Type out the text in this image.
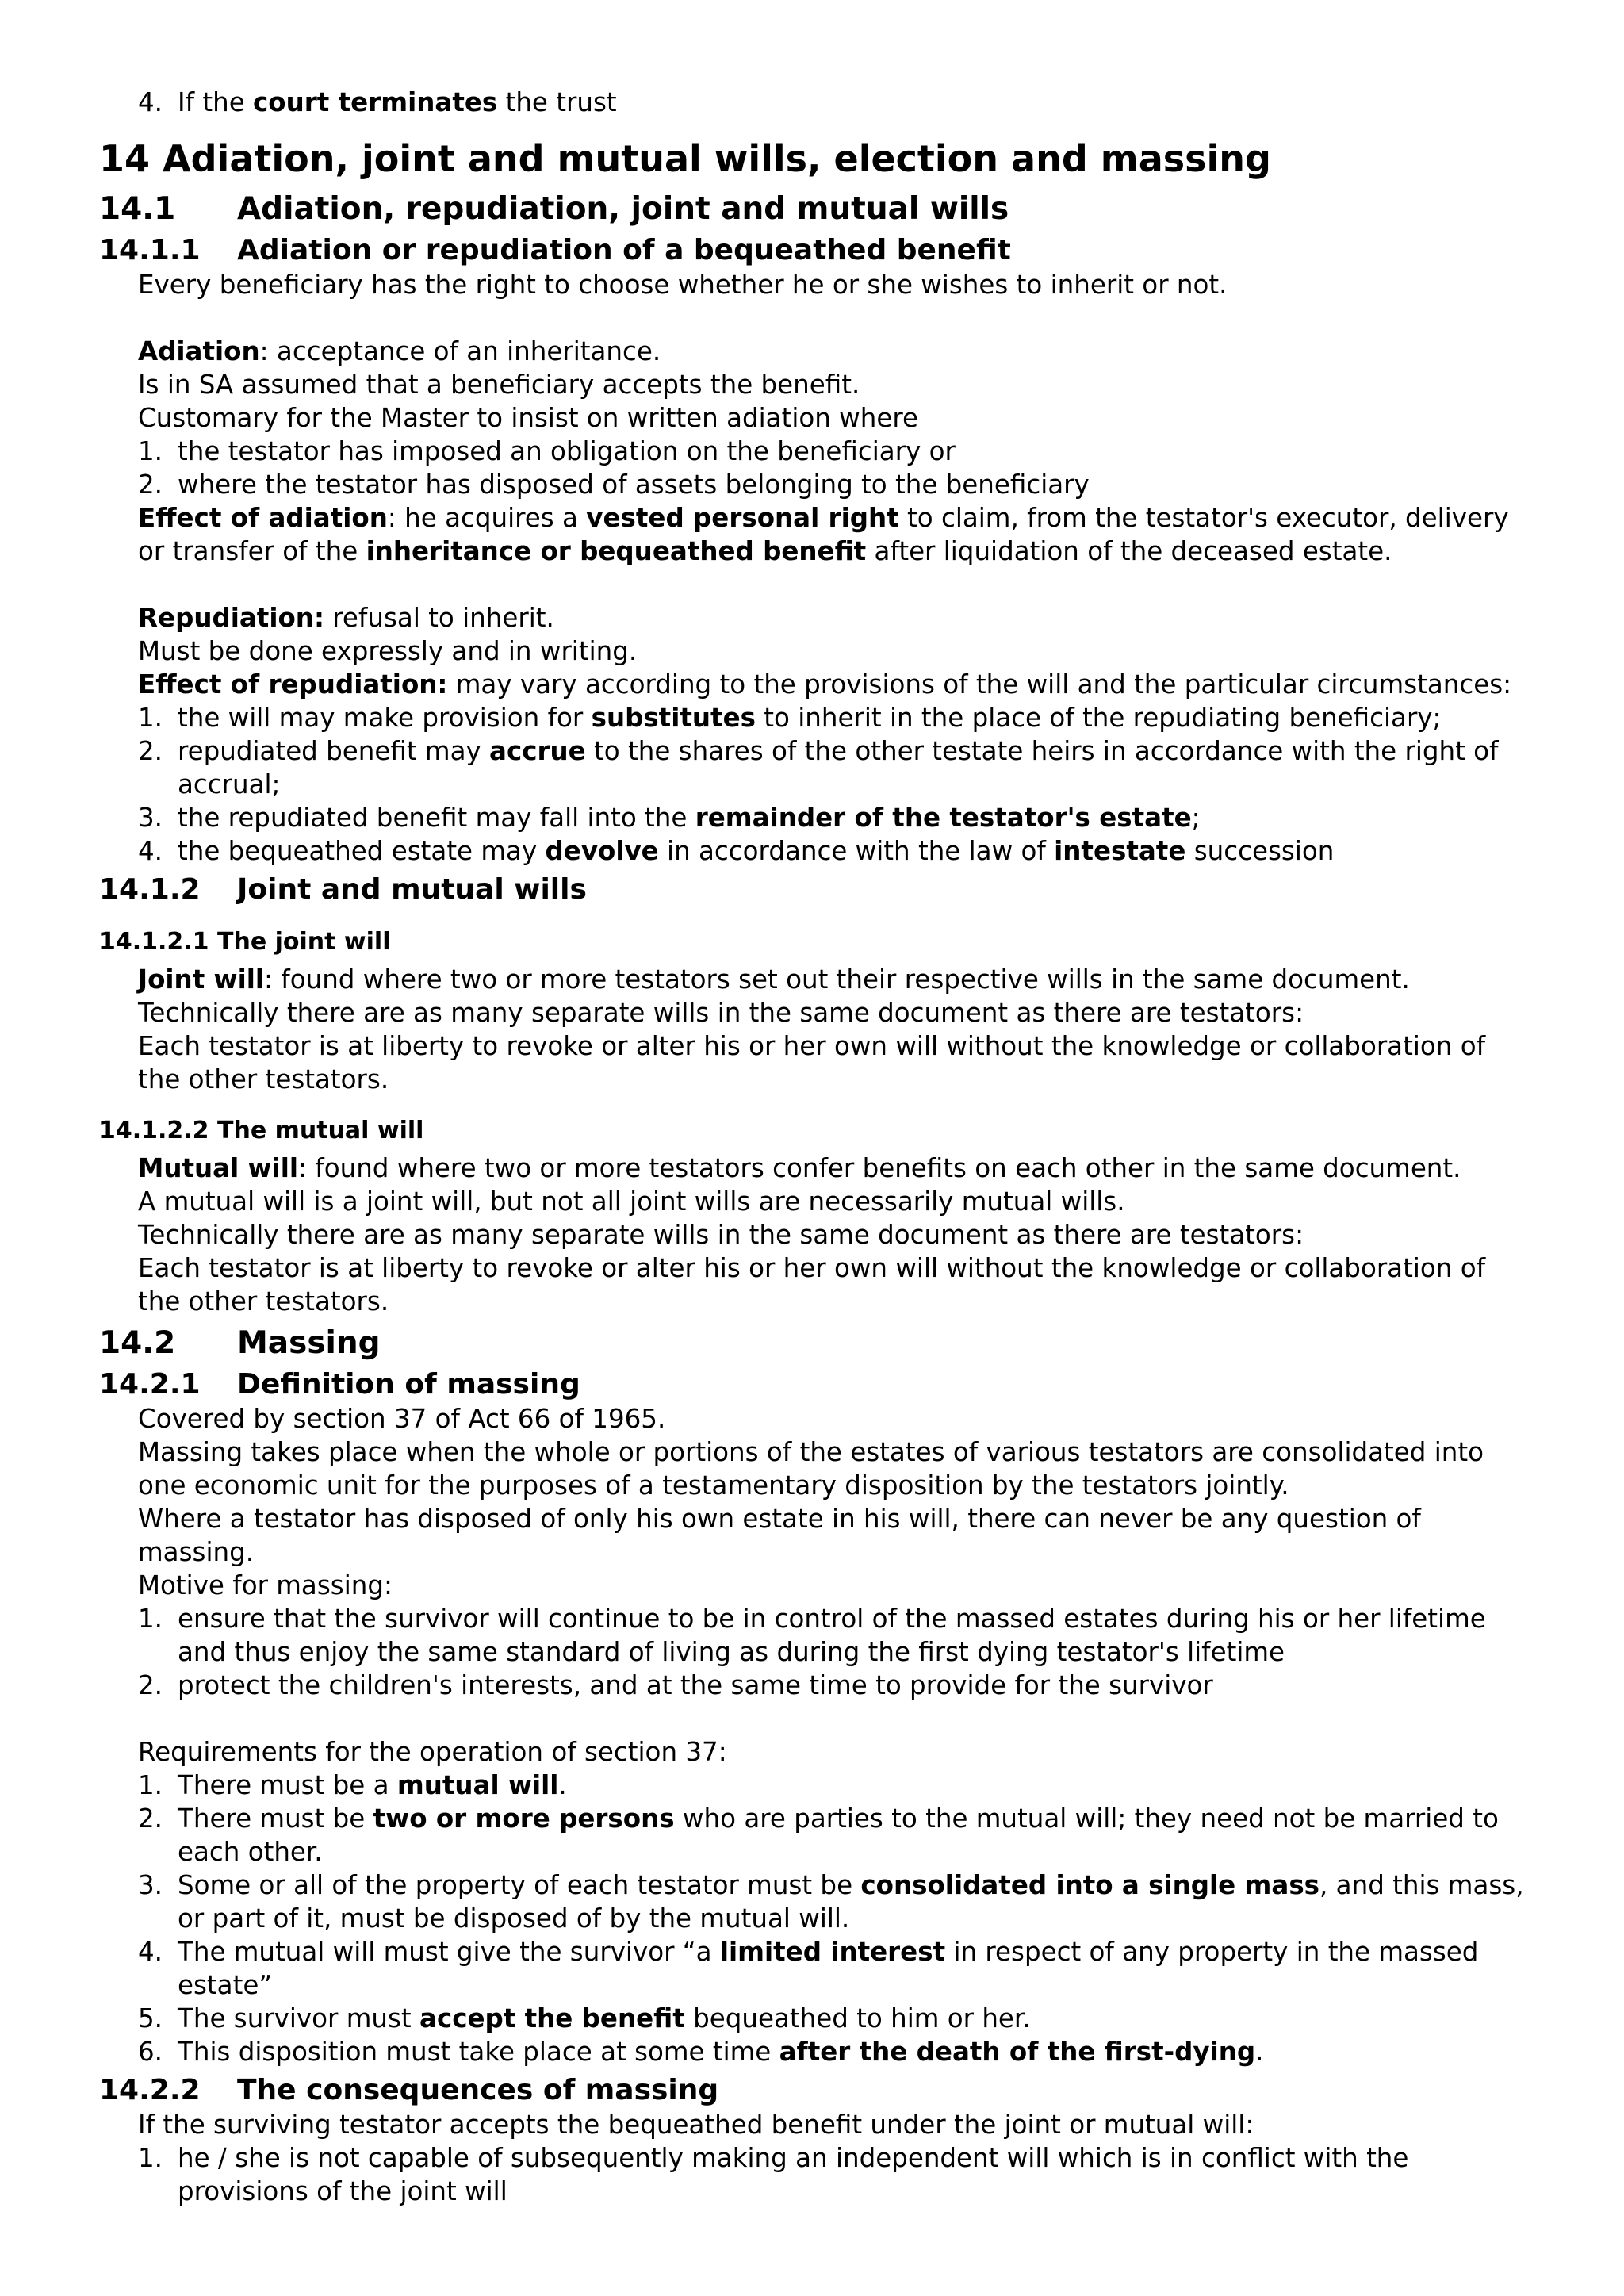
4. If the court terminates the trust
14 Adiation, joint and mutual wills, election and massing
14.1	Adiation, repudiation, joint and mutual wills
14.1.1	Adiation or repudiation of a bequeathed benefit

Every beneficiary has the right to choose whether he or she wishes to inherit or not.

Adiation: acceptance of an inheritance.

Is in SA assumed that a beneficiary accepts the benefit.

Customary for the Master to insist on written adiation where

1. the testator has imposed an obligation on the beneficiary or
2. where the testator has disposed of assets belonging to the beneficiary

Effect of adiation: he acquires a vested personal right to claim, from the testator's executor, delivery or transfer of the inheritance or bequeathed benefit after liquidation of the deceased estate.

Repudiation: refusal to inherit.

Must be done expressly and in writing.

Effect of repudiation: may vary according to the provisions of the will and the particular circumstances:

1. the will may make provision for substitutes to inherit in the place of the repudiating beneficiary;
2. repudiated benefit may accrue to the shares of the other testate heirs in accordance with the right of accrual;
3. the repudiated benefit may fall into the remainder of the testator's estate;
4. the bequeathed estate may devolve in accordance with the law of intestate succession
14.1.2	Joint and mutual wills
14.1.2.1 The joint will

Joint will: found where two or more testators set out their respective wills in the same document.

Technically there are as many separate wills in the same document as there are testators:

Each testator is at liberty to revoke or alter his or her own will without the knowledge or collaboration of the other testators.

14.1.2.2 The mutual will

Mutual will: found where two or more testators confer benefits on each other in the same document.

A mutual will is a joint will, but not all joint wills are necessarily mutual wills.

Technically there are as many separate wills in the same document as there are testators:

Each testator is at liberty to revoke or alter his or her own will without the knowledge or collaboration of the other testators.

14.2	Massing
14.2.1	Definition of massing

Covered by section 37 of Act 66 of 1965.

Massing takes place when the whole or portions of the estates of various testators are consolidated into one economic unit for the purposes of a testamentary disposition by the testators jointly.

Where a testator has disposed of only his own estate in his will, there can never be any question of massing.

Motive for massing:

1. ensure that the survivor will continue to be in control of the massed estates during his or her lifetime and thus enjoy the same standard of living as during the first dying testator's lifetime
2. protect the children's interests, and at the same time to provide for the survivor

Requirements for the operation of section 37:

1. There must be a mutual will.
2. There must be two or more persons who are parties to the mutual will; they need not be married to each other.
3. Some or all of the property of each testator must be consolidated into a single mass, and this mass, or part of it, must be disposed of by the mutual will.
4. The mutual will must give the survivor “a limited interest in respect of any property in the massed estate”
5. The survivor must accept the benefit bequeathed to him or her.
6. This disposition must take place at some time after the death of the first-dying.
14.2.2	The consequences of massing

If the surviving testator accepts the bequeathed benefit under the joint or mutual will:

1. he / she is not capable of subsequently making an independent will which is in conflict with the provisions of the joint will
